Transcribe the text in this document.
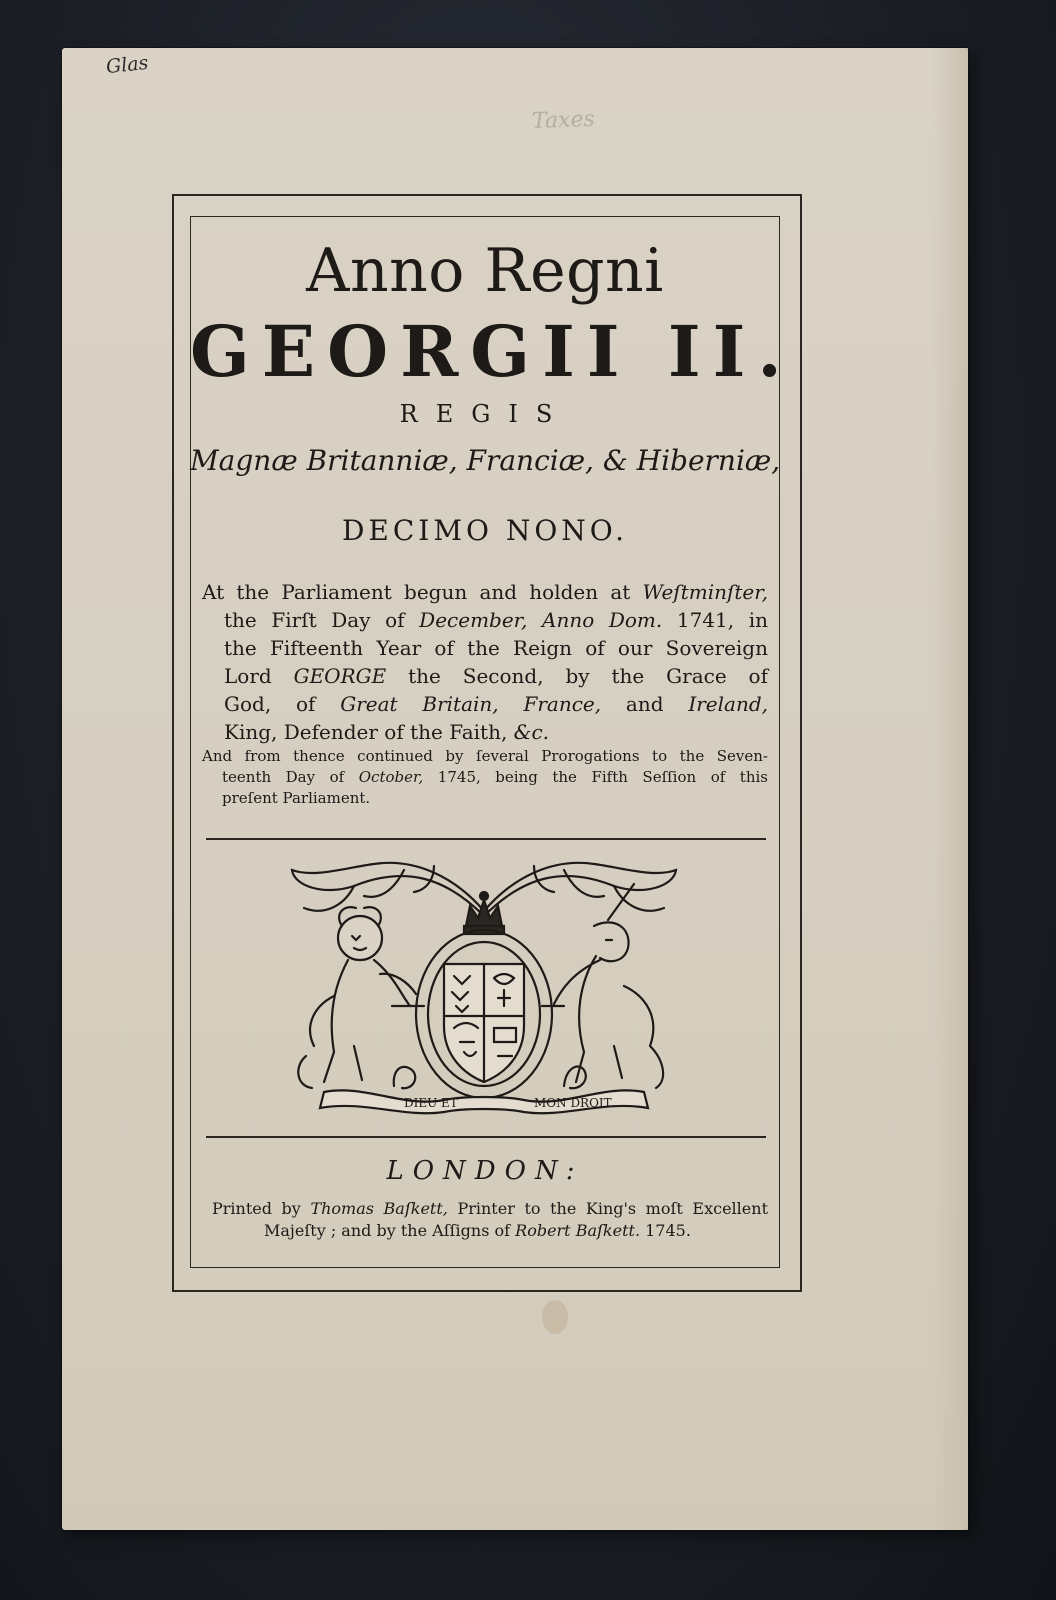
Glas
Taxes
Anno Regni
GEORGII II.
REGIS
Magnæ Britanniæ, Franciæ, & Hiberniæ,
DECIMO NONO.
At the Parliament begun and holden at Weſtminſter,
the Firſt Day of December, Anno Dom. 1741, in
the Fifteenth Year of the Reign of our Sovereign
Lord GEORGE the Second, by the Grace of
God, of Great Britain, France, and Ireland,
King, Defender of the Faith, &c.
And from thence continued by ſeveral Prorogations to the Seven-
teenth Day of October, 1745, being the Fifth Seſſion of this
preſent Parliament.
DIEU ET	MON DROIT
LONDON:
Printed by Thomas Baſkett, Printer to the King's moſt Excellent
Majeſty ; and by the Aſſigns of Robert Baſkett. 1745.
